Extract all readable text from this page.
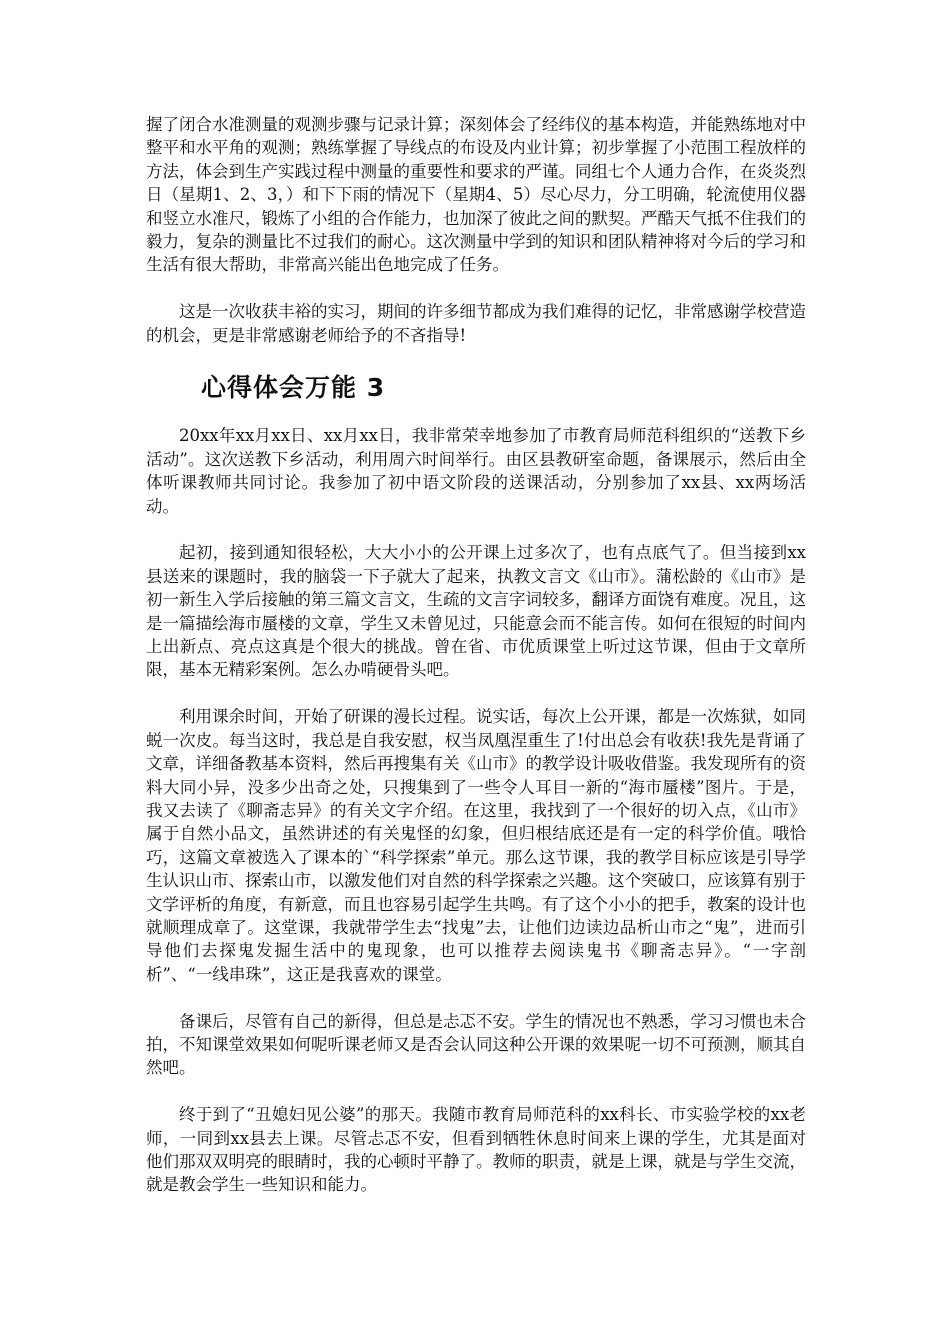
握了闭合水准测量的观测步骤与记录计算；深刻体会了经纬仪的基本构造，并能熟练地对中整平和水平角的观测；熟练掌握了导线点的布设及内业计算；初步掌握了小范围工程放样的方法，体会到生产实践过程中测量的重要性和要求的严谨。同组七个人通力合作，在炎炎烈日（星期1、2、3，）和下下雨的情况下（星期4、5）尽心尽力，分工明确，轮流使用仪器和竖立水准尺，锻炼了小组的合作能力，也加深了彼此之间的默契。严酷天气抵不住我们的毅力，复杂的测量比不过我们的耐心。这次测量中学到的知识和团队精神将对今后的学习和生活有很大帮助，非常高兴能出色地完成了任务。

这是一次收获丰裕的实习，期间的许多细节都成为我们难得的记忆，非常感谢学校营造的机会，更是非常感谢老师给予的不吝指导!

心得体会万能 3

20xx年xx月xx日、xx月xx日，我非常荣幸地参加了市教育局师范科组织的“送教下乡活动”。这次送教下乡活动，利用周六时间举行。由区县教研室命题，备课展示，然后由全体听课教师共同讨论。我参加了初中语文阶段的送课活动，分别参加了xx县、xx两场活动。

起初，接到通知很轻松，大大小小的公开课上过多次了，也有点底气了。但当接到xx县送来的课题时，我的脑袋一下子就大了起来，执教文言文《山市》。蒲松龄的《山市》是初一新生入学后接触的第三篇文言文，生疏的文言字词较多，翻译方面饶有难度。况且，这是一篇描绘海市蜃楼的文章，学生又未曾见过，只能意会而不能言传。如何在很短的时间内上出新点、亮点这真是个很大的挑战。曾在省、市优质课堂上听过这节课，但由于文章所限，基本无精彩案例。怎么办啃硬骨头吧。

利用课余时间，开始了研课的漫长过程。说实话，每次上公开课，都是一次炼狱，如同蜕一次皮。每当这时，我总是自我安慰，权当凤凰涅重生了!付出总会有收获!我先是背诵了文章，详细备教基本资料，然后再搜集有关《山市》的教学设计吸收借鉴。我发现所有的资料大同小异，没多少出奇之处，只搜集到了一些令人耳目一新的“海市蜃楼”图片。于是，我又去读了《聊斋志异》的有关文字介绍。在这里，我找到了一个很好的切入点，《山市》属于自然小品文，虽然讲述的有关鬼怪的幻象，但归根结底还是有一定的科学价值。哦恰巧，这篇文章被选入了课本的`“科学探索”单元。那么这节课，我的教学目标应该是引导学生认识山市、探索山市，以激发他们对自然的科学探索之兴趣。这个突破口，应该算有别于文学评析的角度，有新意，而且也容易引起学生共鸣。有了这个小小的把手，教案的设计也就顺理成章了。这堂课，我就带学生去“找鬼”去，让他们边读边品析山市之“鬼”，进而引导他们去探鬼发掘生活中的鬼现象，也可以推荐去阅读鬼书《聊斋志异》。“一字剖析”、“一线串珠”，这正是我喜欢的课堂。

备课后，尽管有自己的新得，但总是忐忑不安。学生的情况也不熟悉，学习习惯也未合拍，不知课堂效果如何呢听课老师又是否会认同这种公开课的效果呢一切不可预测，顺其自然吧。

终于到了“丑媳妇见公婆”的那天。我随市教育局师范科的xx科长、市实验学校的xx老师，一同到xx县去上课。尽管忐忑不安，但看到牺牲休息时间来上课的学生，尤其是面对他们那双双明亮的眼睛时，我的心顿时平静了。教师的职责，就是上课，就是与学生交流，就是教会学生一些知识和能力。
